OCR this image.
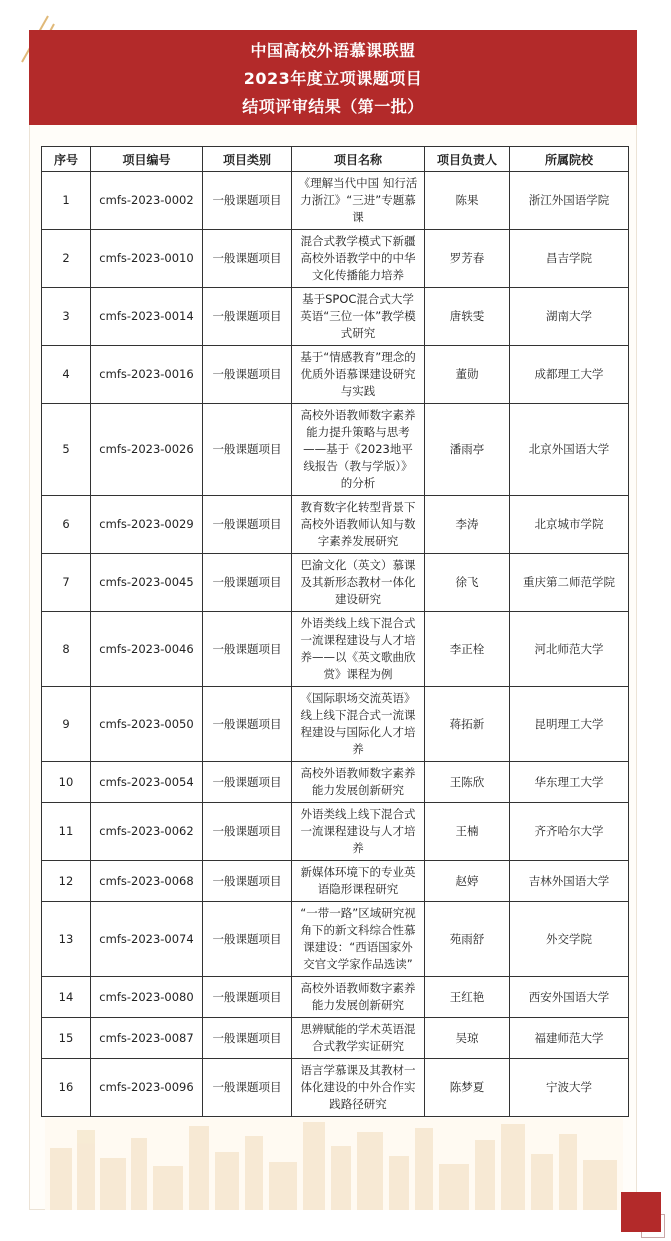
中国高校外语慕课联盟
2023年度立项课题项目
结项评审结果（第一批）
序号	项目编号	项目类别	项目名称	项目负责人	所属院校
1	cmfs-2023-0002	一般课题项目	《理解当代中国 知行活力浙江》“三进”专题慕课	陈果	浙江外国语学院
2	cmfs-2023-0010	一般课题项目	混合式教学模式下新疆高校外语教学中的中华文化传播能力培养	罗芳春	昌吉学院
3	cmfs-2023-0014	一般课题项目	基于SPOC混合式大学英语“三位一体”教学模式研究	唐轶雯	湖南大学
4	cmfs-2023-0016	一般课题项目	基于“情感教育”理念的优质外语慕课建设研究与实践	董勋	成都理工大学
5	cmfs-2023-0026	一般课题项目	高校外语教师数字素养能力提升策略与思考——基于《2023地平线报告（教与学版）》的分析	潘雨亭	北京外国语大学
6	cmfs-2023-0029	一般课题项目	教育数字化转型背景下高校外语教师认知与数字素养发展研究	李涛	北京城市学院
7	cmfs-2023-0045	一般课题项目	巴渝文化（英文）慕课及其新形态教材一体化建设研究	徐飞	重庆第二师范学院
8	cmfs-2023-0046	一般课题项目	外语类线上线下混合式一流课程建设与人才培养——以《英文歌曲欣赏》课程为例	李正栓	河北师范大学
9	cmfs-2023-0050	一般课题项目	《国际职场交流英语》线上线下混合式一流课程建设与国际化人才培养	蒋拓新	昆明理工大学
10	cmfs-2023-0054	一般课题项目	高校外语教师数字素养能力发展创新研究	王陈欣	华东理工大学
11	cmfs-2023-0062	一般课题项目	外语类线上线下混合式一流课程建设与人才培养	王楠	齐齐哈尔大学
12	cmfs-2023-0068	一般课题项目	新媒体环境下的专业英语隐形课程研究	赵婷	吉林外国语大学
13	cmfs-2023-0074	一般课题项目	“一带一路”区域研究视角下的新文科综合性慕课建设：“西语国家外交官文学家作品选读”	苑雨舒	外交学院
14	cmfs-2023-0080	一般课题项目	高校外语教师数字素养能力发展创新研究	王红艳	西安外国语大学
15	cmfs-2023-0087	一般课题项目	思辨赋能的学术英语混合式教学实证研究	吴琼	福建师范大学
16	cmfs-2023-0096	一般课题项目	语言学慕课及其教材一体化建设的中外合作实践路径研究	陈梦夏	宁波大学
